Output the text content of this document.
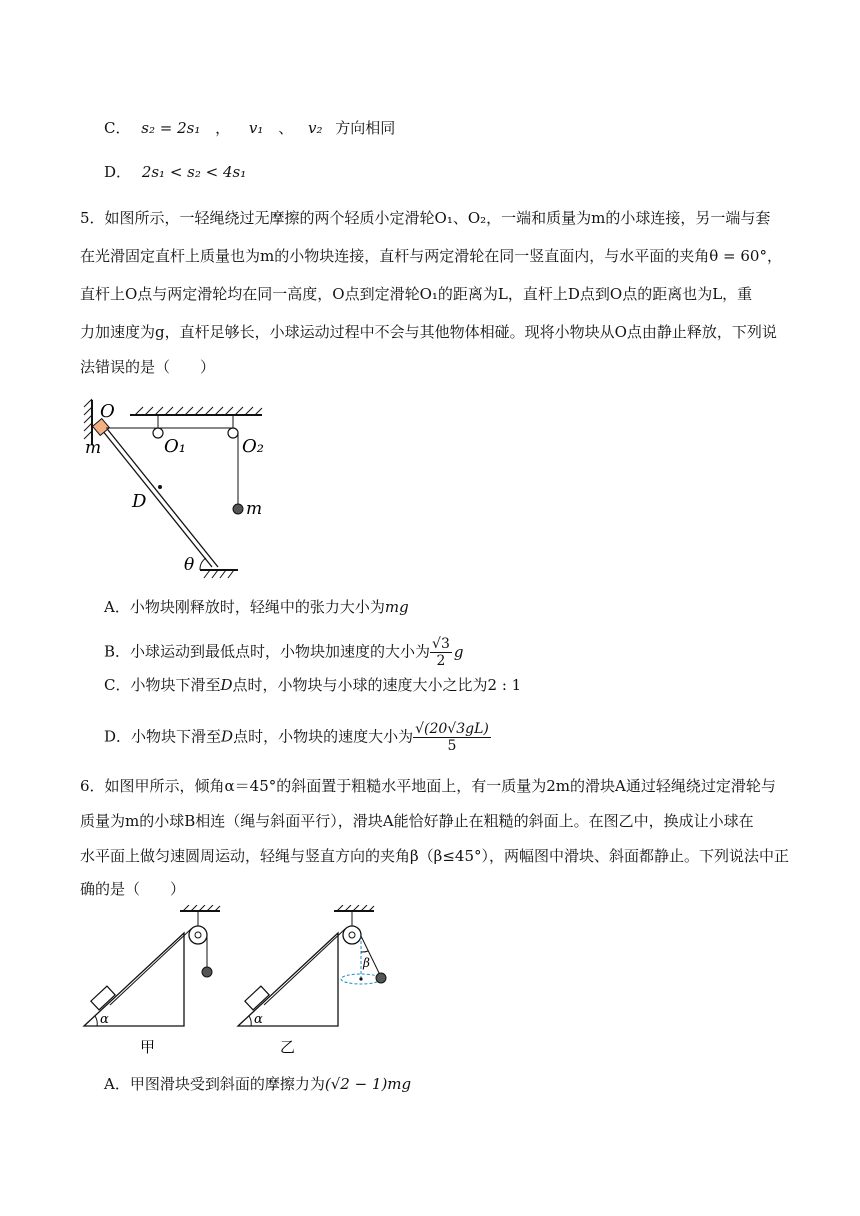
C． s₂ = 2s₁ ， v₁ 、 v₂ 方向相同
D． 2s₁ < s₂ < 4s₁
5．如图所示，一轻绳绕过无摩擦的两个轻质小定滑轮O₁、O₂，一端和质量为m的小球连接，另一端与套
在光滑固定直杆上质量也为m的小物块连接，直杆与两定滑轮在同一竖直面内，与水平面的夹角θ = 60°，
直杆上O点与两定滑轮均在同一高度，O点到定滑轮O₁的距离为L，直杆上D点到O点的距离也为L，重
力加速度为g，直杆足够长，小球运动过程中不会与其他物体相碰。现将小物块从O点由静止释放，下列说
法错误的是（　　）
O
m	O₁	O₂
m
D
θ
A．小物块刚释放时，轻绳中的张力大小为mg
B．小球运动到最低点时，小物块加速度的大小为 $\frac{√3}{2}$ g
C．小物块下滑至D点时，小物块与小球的速度大小之比为2 : 1
D．小物块下滑至D点时，小物块的速度大小为 $\frac{√(20√3gL)}{5}$
6．如图甲所示，倾角α＝45°的斜面置于粗糙水平地面上，有一质量为2m的滑块A通过轻绳绕过定滑轮与
质量为m的小球B相连（绳与斜面平行），滑块A能恰好静止在粗糙的斜面上。在图乙中，换成让小球在
水平面上做匀速圆周运动，轻绳与竖直方向的夹角β（β≤45°），两幅图中滑块、斜面都静止。下列说法中正
确的是（　　）
α
甲
β
α
乙
A．甲图滑块受到斜面的摩擦力为(√2 − 1)mg
